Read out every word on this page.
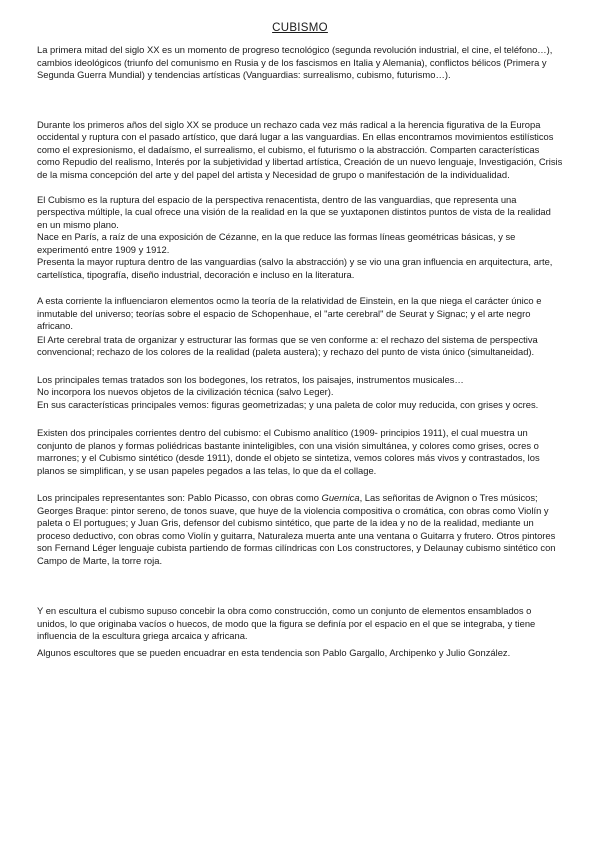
CUBISMO

La primera mitad del siglo XX es un momento de progreso tecnológico (segunda revolución industrial, el cine, el teléfono…), cambios ideológicos (triunfo del comunismo en Rusia y de los fascismos en Italia y Alemania), conflictos bélicos (Primera y Segunda Guerra Mundial) y tendencias artísticas (Vanguardias: surrealismo, cubismo, futurismo…).

Durante los primeros años del siglo XX se produce un rechazo cada vez más radical a la herencia figurativa de la Europa occidental y ruptura con el pasado artístico, que dará lugar a las vanguardias. En ellas encontramos movimientos estilísticos como el expresionismo, el dadaísmo, el surrealismo, el cubismo, el futurismo o la abstracción. Comparten características como Repudio del realismo, Interés por la subjetividad y libertad artística, Creación de un nuevo lenguaje, Investigación, Crisis de la misma concepción del arte y del papel del artista y Necesidad de grupo o manifestación de la individualidad.

El Cubismo es la ruptura del espacio de la perspectiva renacentista, dentro de las vanguardias, que representa una perspectiva múltiple, la cual ofrece una visión de la realidad en la que se yuxtaponen distintos puntos de vista de la realidad en un mismo plano.

Nace en París, a raíz de una exposición de Cézanne, en la que reduce las formas líneas geométricas básicas, y se experimentó entre 1909 y 1912.

Presenta la mayor ruptura dentro de las vanguardias (salvo la abstracción) y se vio una gran influencia en arquitectura, arte, cartelística, tipografía, diseño industrial, decoración e incluso en la literatura.

A esta corriente la influenciaron elementos ocmo la teoría de la relatividad de Einstein, en la que niega el carácter único e inmutable del universo; teorías sobre el espacio de Schopenhaue, el "arte cerebral" de Seurat y Signac; y el arte negro africano.

El Arte cerebral trata de organizar y estructurar las formas que se ven conforme a: el rechazo del sistema de perspectiva convencional; rechazo de los colores de la realidad (paleta austera); y rechazo del punto de vista único (simultaneidad).

Los principales temas tratados son los bodegones, los retratos, los paisajes, instrumentos musicales…

No incorpora los nuevos objetos de la civilización técnica (salvo Leger).

En sus características principales vemos: figuras geometrizadas; y una paleta de color muy reducida, con grises y ocres.

Existen dos principales corrientes dentro del cubismo: el Cubismo analítico (1909- principios 1911), el cual muestra un conjunto de planos y formas poliédricas bastante ininteligibles, con una visión simultánea, y colores como grises, ocres o marrones; y el Cubismo sintético (desde 1911), donde el objeto se sintetiza, vemos colores más vivos y contrastados, los planos se simplifican, y se usan papeles pegados a las telas, lo que da el collage.

Los principales representantes son: Pablo Picasso, con obras como Guernica, Las señoritas de Avignon o Tres músicos; Georges Braque: pintor sereno, de tonos suave, que huye de la violencia compositiva o cromática, con obras como Violín y paleta o El portugues; y Juan Gris, defensor del cubismo sintético, que parte de la idea y no de la realidad, mediante un proceso deductivo, con obras como Violín y guitarra, Naturaleza muerta ante una ventana o Guitarra y frutero. Otros pintores son Fernand Léger lenguaje cubista partiendo de formas cilíndricas con Los constructores, y Delaunay cubismo sintético con Campo de Marte, la torre roja.

Y en escultura el cubismo supuso concebir la obra como construcción, como un conjunto de elementos ensamblados o unidos, lo que originaba vacíos o huecos, de modo que la figura se definía por el espacio en el que se integraba, y tiene influencia de la escultura griega arcaica y africana.

Algunos escultores que se pueden encuadrar en esta tendencia son Pablo Gargallo, Archipenko y Julio González.
